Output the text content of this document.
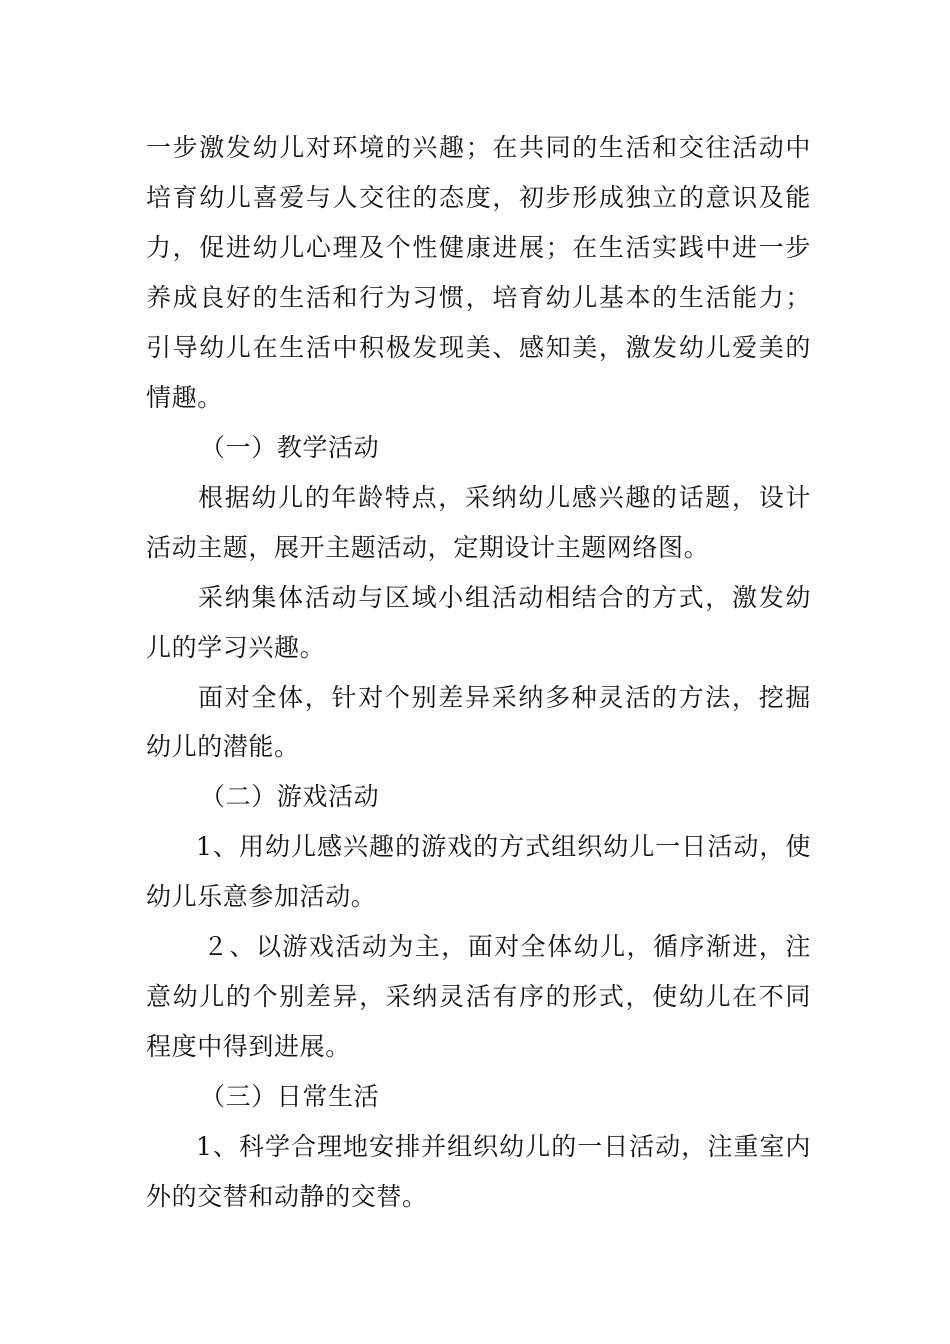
一步激发幼儿对环境的兴趣；在共同的生活和交往活动中
培育幼儿喜爱与人交往的态度，初步形成独立的意识及能
力，促进幼儿心理及个性健康进展；在生活实践中进一步
养成良好的生活和行为习惯，培育幼儿基本的生活能力；
引导幼儿在生活中积极发现美、感知美，激发幼儿爱美的
情趣。
（一）教学活动
根据幼儿的年龄特点，采纳幼儿感兴趣的话题，设计
活动主题，展开主题活动，定期设计主题网络图。
采纳集体活动与区域小组活动相结合的方式，激发幼
儿的学习兴趣。
面对全体，针对个别差异采纳多种灵活的方法，挖掘
幼儿的潜能。
（二）游戏活动
1、用幼儿感兴趣的游戏的方式组织幼儿一日活动，使
幼儿乐意参加活动。
２、以游戏活动为主，面对全体幼儿，循序渐进，注
意幼儿的个别差异，采纳灵活有序的形式，使幼儿在不同
程度中得到进展。
（三）日常生活
1、科学合理地安排并组织幼儿的一日活动，注重室内
外的交替和动静的交替。
